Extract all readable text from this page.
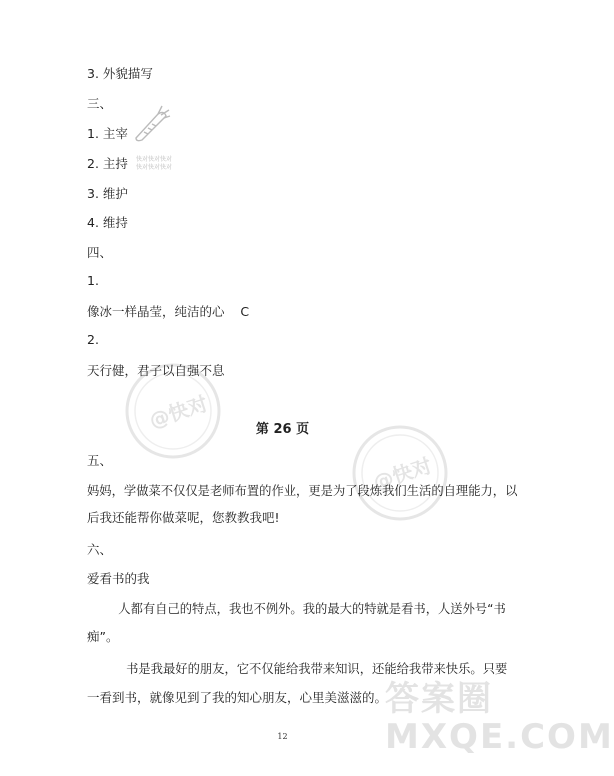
快对快对快对 快对快对快对
@快对
@快对
答案圈 MXQE.COM
3. 外貌描写
三、
1. 主宰
2. 主持
3. 维护
4. 维持
四、
1.
像冰一样晶莹，纯洁的心    C
2.
天行健，君子以自强不息
第 26 页
五、
妈妈，学做菜不仅仅是老师布置的作业，更是为了段炼我们生活的自理能力，以
后我还能帮你做菜呢，您教教我吧!
六、
爱看书的我
人都有自己的特点，我也不例外。我的最大的特就是看书，人送外号“书
痴”。
书是我最好的朋友，它不仅能给我带来知识，还能给我带来快乐。只要
一看到书，就像见到了我的知心朋友，心里美滋滋的。
12
